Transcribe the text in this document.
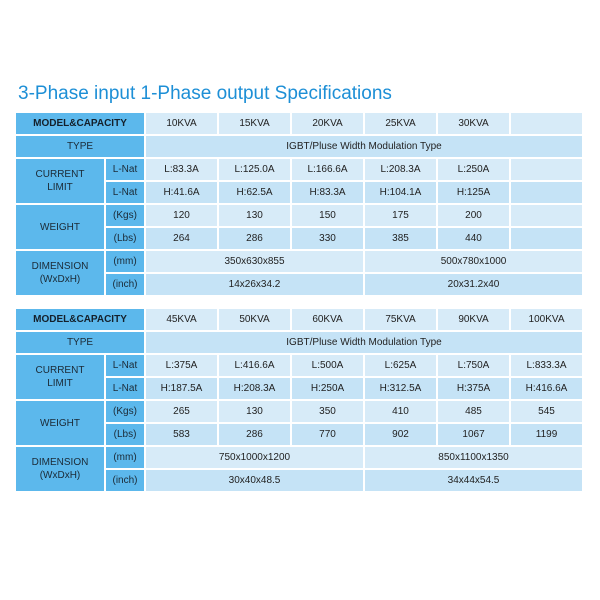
3-Phase input 1-Phase output Specifications
MODEL&CAPACITY		10KVA	15KVA	20KVA	25KVA	30KVA	
TYPE		IGBT/Pluse Width Modulation Type					
CURRENT
LIMIT	L-Nat	L:83.3A	L:125.0A	L:166.6A	L:208.3A	L:250A	
	L-Nat	H:41.6A	H:62.5A	H:83.3A	H:104.1A	H:125A	
WEIGHT	(Kgs)	120	130	150	175	200	
	(Lbs)	264	286	330	385	440	
DIMENSION
(WxDxH)	(mm)	350x630x855			500x780x1000		
	(inch)	14x26x34.2			20x31.2x40		
MODEL&CAPACITY		45KVA	50KVA	60KVA	75KVA	90KVA	100KVA
TYPE		IGBT/Pluse Width Modulation Type					
CURRENT
LIMIT	L-Nat	L:375A	L:416.6A	L:500A	L:625A	L:750A	L:833.3A
	L-Nat	H:187.5A	H:208.3A	H:250A	H:312.5A	H:375A	H:416.6A
WEIGHT	(Kgs)	265	130	350	410	485	545
	(Lbs)	583	286	770	902	1067	1199
DIMENSION
(WxDxH)	(mm)	750x1000x1200			850x1100x1350		
	(inch)	30x40x48.5			34x44x54.5		
